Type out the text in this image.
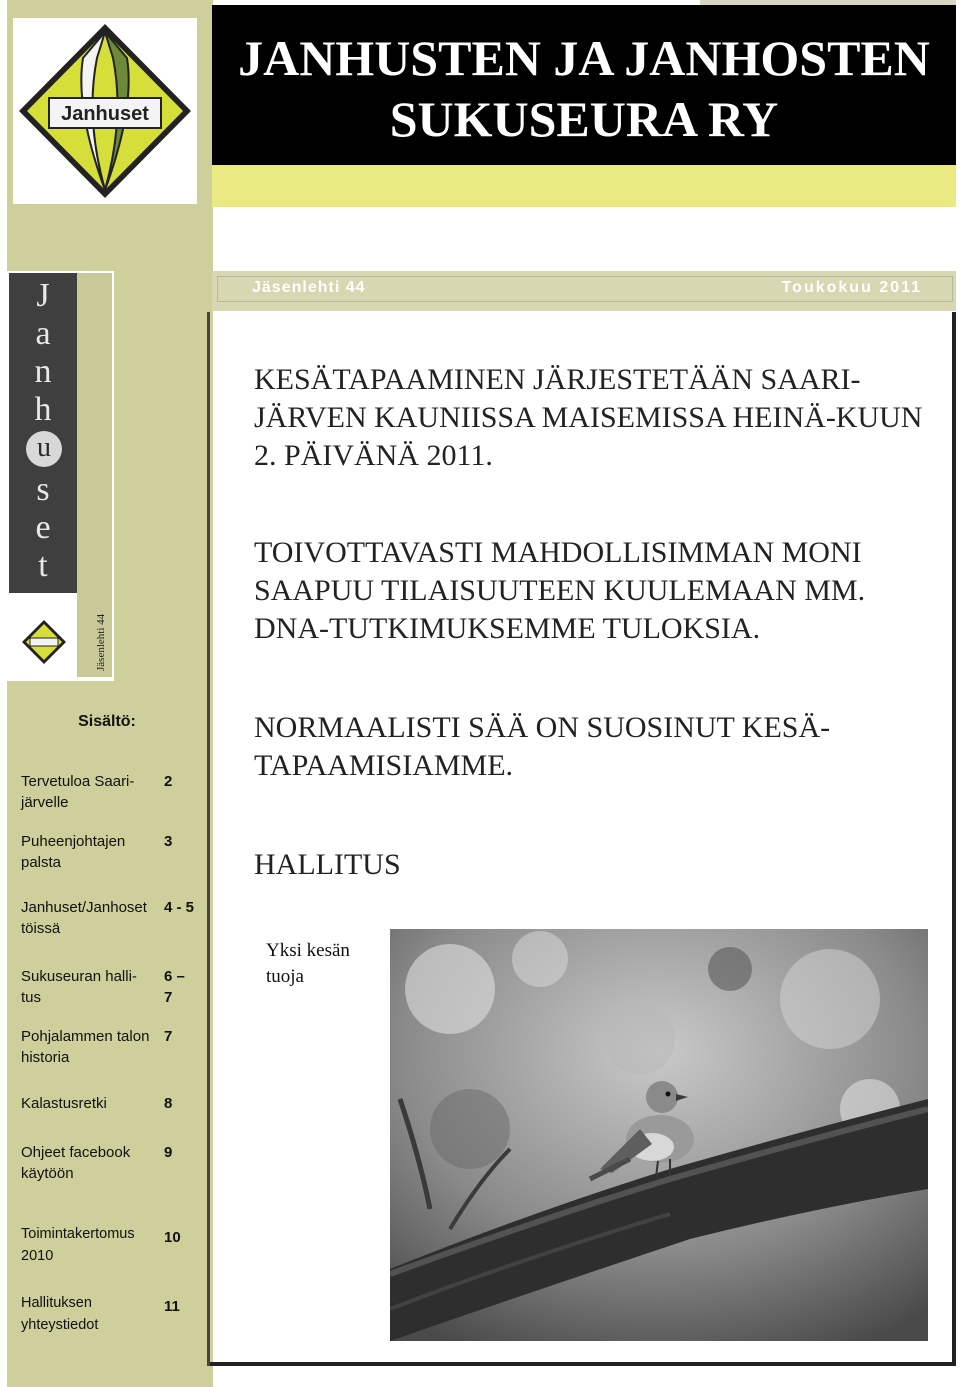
Janhuset
J
a
n
h
u
s
e
t
Jäsenlehti 44
Sisältö:
Tervetuloa Saari-järvelle
2
Puheenjohtajen palsta
3
Janhuset/Janhoset töissä
4 - 5
Sukuseuran halli-tus
6 – 7
Pohjalammen talon historia
7
Kalastusretki	8
Ohjeet facebook käytöön
9
Toimintakertomus 2010
10
Hallituksen yhteystiedot
11
JANHUSTEN JA JANHOSTEN
SUKUSEURA RY
Jäsenlehti 44	Toukokuu 2011
KESÄTAPAAMINEN JÄRJESTETÄÄN SAARI-JÄRVEN KAUNIISSA MAISEMISSA HEINÄ-KUUN 2. PÄIVÄNÄ 2011.
TOIVOTTAVASTI MAHDOLLISIMMAN MONI SAAPUU TILAISUUTEEN KUULEMAAN MM. DNA-TUTKIMUKSEMME TULOKSIA.
NORMAALISTI SÄÄ ON SUOSINUT KESÄ-TAPAAMISIAMME.
HALLITUS
Yksi kesän tuoja
